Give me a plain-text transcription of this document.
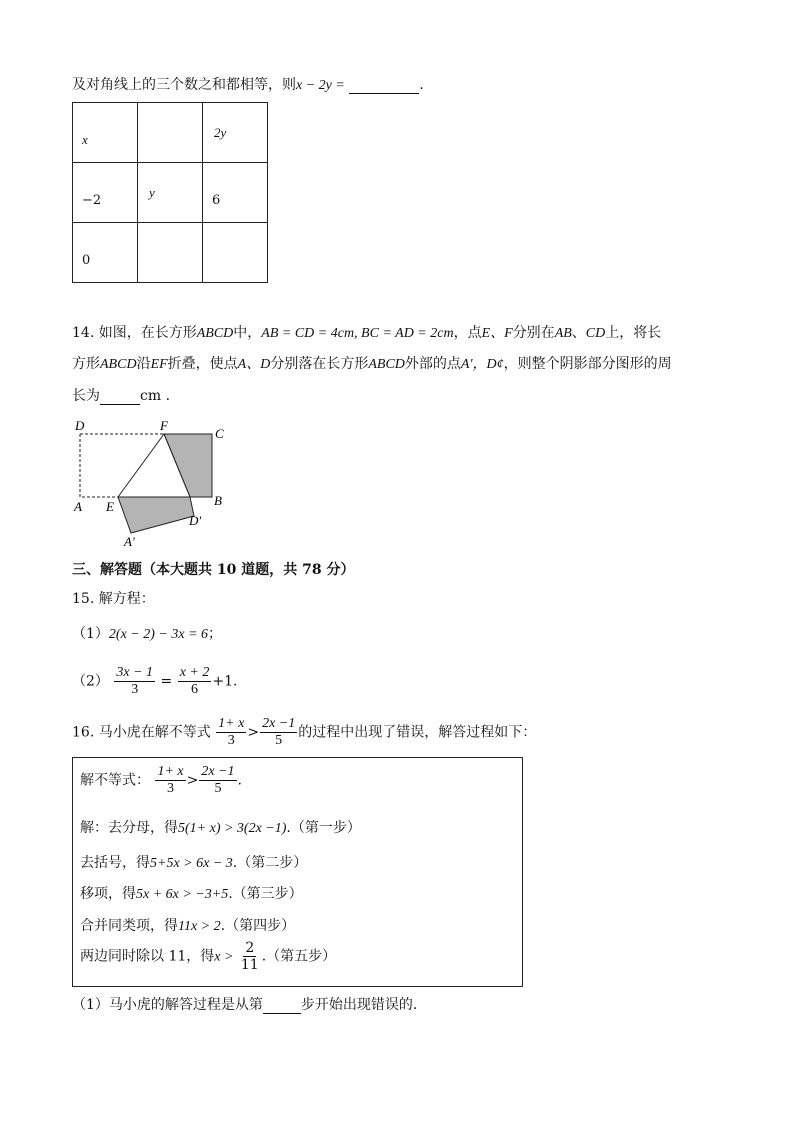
及对角线上的三个数之和都相等，则x − 2y =	.
x		2y

−2	y	6

0		

14. 如图，在长方形ABCD中，AB = CD = 4cm, BC = AD = 2cm，点E、F分别在AB、CD上，将长
方形ABCD沿EF折叠，使点A、D分别落在长方形ABCD外部的点A′，D¢，则整个阴影部分图形的周
长为	cm .
D	F
C
A E	B
D′
A′
三、解答题（本大题共 10 道题，共 78 分）
15. 解方程：
（1）2(x − 2) − 3x = 6；
$(2) \frac{3x - 1}{3} = \frac{x + 2}{6} +1$.
16. 马小虎在解不等式 $\frac{1+ x}{3} > \frac{2x -1}{5}$ 的过程中出现了错误，解答过程如下：
解不等式： $\frac{1+ x}{3} > \frac{2x -1}{5}$ .
解：去分母，得5(1+ x) > 3(2x −1).（第一步）
去括号，得5+5x > 6x − 3.（第二步）
移项，得5x + 6x > −3+5.（第三步）
合并同类项，得11x > 2.（第四步）
两边同时除以 11，得$x > \frac{2}{11}$ .（第五步）
（1）马小虎的解答过程是从第	步开始出现错误的.
